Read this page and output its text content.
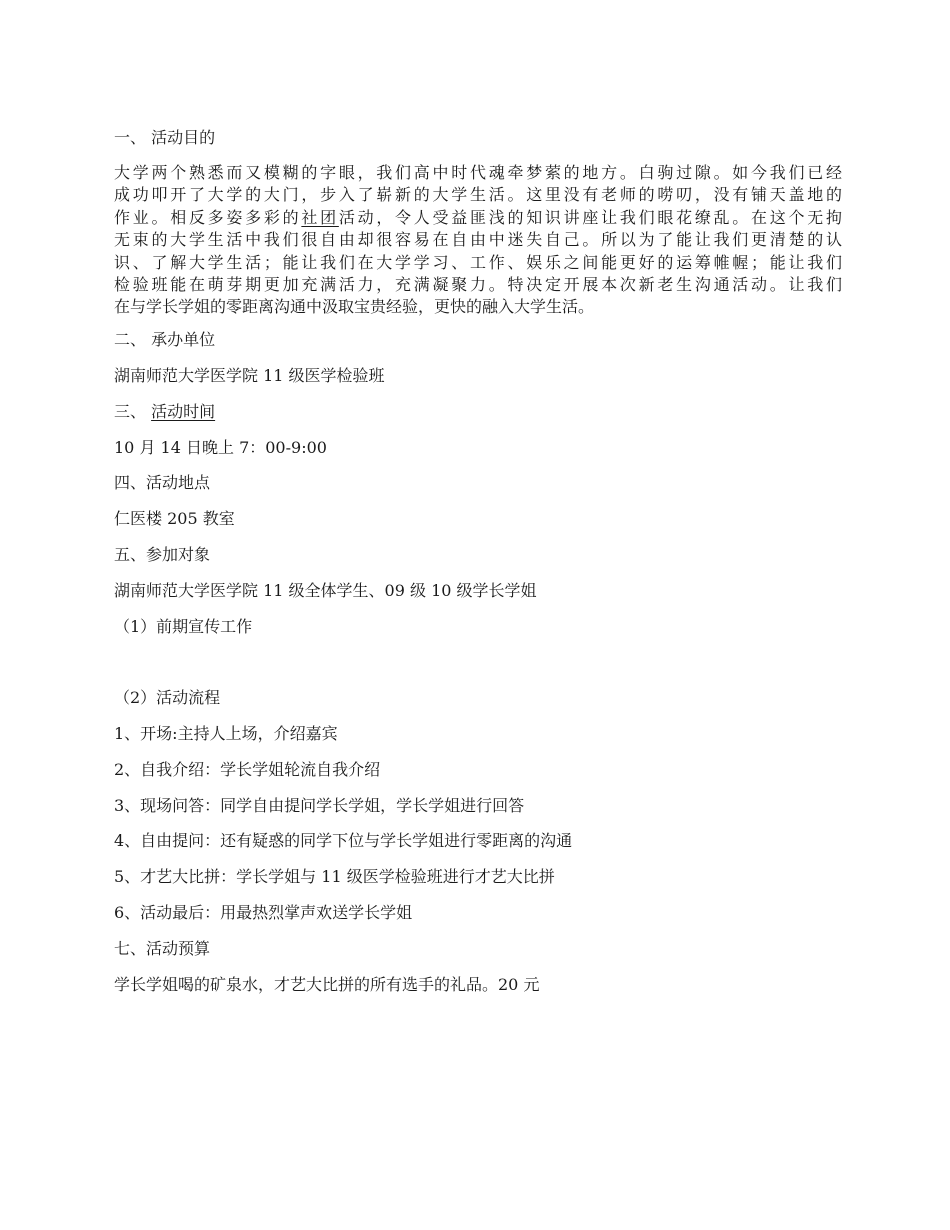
一、 活动目的
大学两个熟悉而又模糊的字眼，我们高中时代魂牵梦萦的地方。白驹过隙。如今我们已经
成功叩开了大学的大门，步入了崭新的大学生活。这里没有老师的唠叨，没有铺天盖地的
作业。相反多姿多彩的社团活动，令人受益匪浅的知识讲座让我们眼花缭乱。在这个无拘
无束的大学生活中我们很自由却很容易在自由中迷失自己。所以为了能让我们更清楚的认
识、了解大学生活；能让我们在大学学习、工作、娱乐之间能更好的运筹帷幄；能让我们
检验班能在萌芽期更加充满活力，充满凝聚力。特决定开展本次新老生沟通活动。让我们
在与学长学姐的零距离沟通中汲取宝贵经验，更快的融入大学生活。
二、 承办单位
湖南师范大学医学院 11 级医学检验班
三、 活动时间
10 月 14 日晚上 7：00-9:00
四、活动地点
仁医楼 205 教室
五、参加对象
湖南师范大学医学院 11 级全体学生、09 级 10 级学长学姐
（1）前期宣传工作
（2）活动流程
1、开场:主持人上场，介绍嘉宾
2、自我介绍：学长学姐轮流自我介绍
3、现场问答：同学自由提问学长学姐，学长学姐进行回答
4、自由提问：还有疑惑的同学下位与学长学姐进行零距离的沟通
5、才艺大比拼：学长学姐与 11 级医学检验班进行才艺大比拼
6、活动最后：用最热烈掌声欢送学长学姐
七、活动预算
学长学姐喝的矿泉水，才艺大比拼的所有选手的礼品。20 元
